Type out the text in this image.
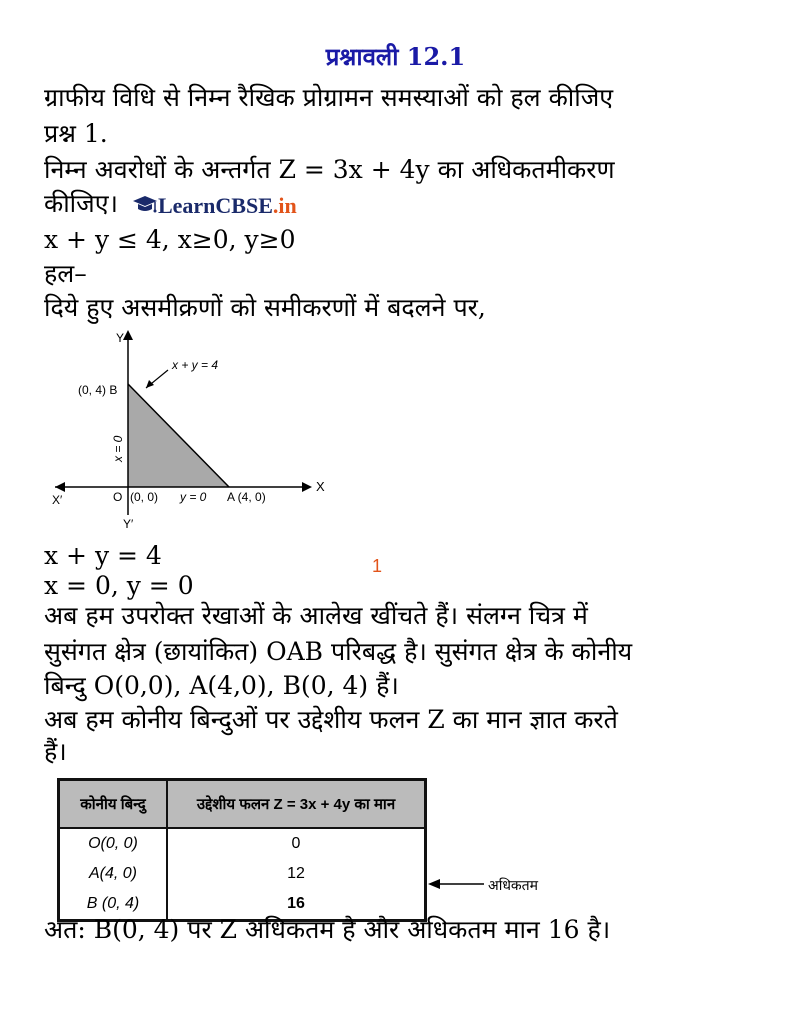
प्रश्नावली 12.1
ग्राफीय विधि से निम्न रैखिक प्रोग्रामन समस्याओं को हल कीजिए
प्रश्न 1.
निम्न अवरोधों के अन्तर्गत Z = 3x + 4y का अधिकतमीकरण
कीजिए। LearnCBSE .in
x + y ≤ 4, x≥0, y≥0
हल–
दिये हुए असमीक्रणों को समीकरणों में बदलने पर,
Y
X
X′
Y′
O (0, 0)
(0, 4) B
A (4, 0)
x + y = 4
y = 0
x = 0
x + y = 4
x = 0, y = 0
1
अब हम उपरोक्त रेखाओं के आलेख खींचते हैं। संलग्न चित्र में
सुसंगत क्षेत्र (छायांकित) OAB परिबद्ध है। सुसंगत क्षेत्र के कोनीय
बिन्दु O(0,0), A(4,0), B(0, 4) हैं।
अब हम कोनीय बिन्दुओं पर उद्देशीय फलन Z का मान ज्ञात करते
हैं।
कोनीय बिन्दु	उद्देशीय फलन Z = 3x + 4y का मान
O(0, 0)	0
A(4, 0)	12
B (0, 4)	16
अधिकतम
अत: B(0, 4) पर Z अधिकतम है और अधिकतम मान 16 है।
